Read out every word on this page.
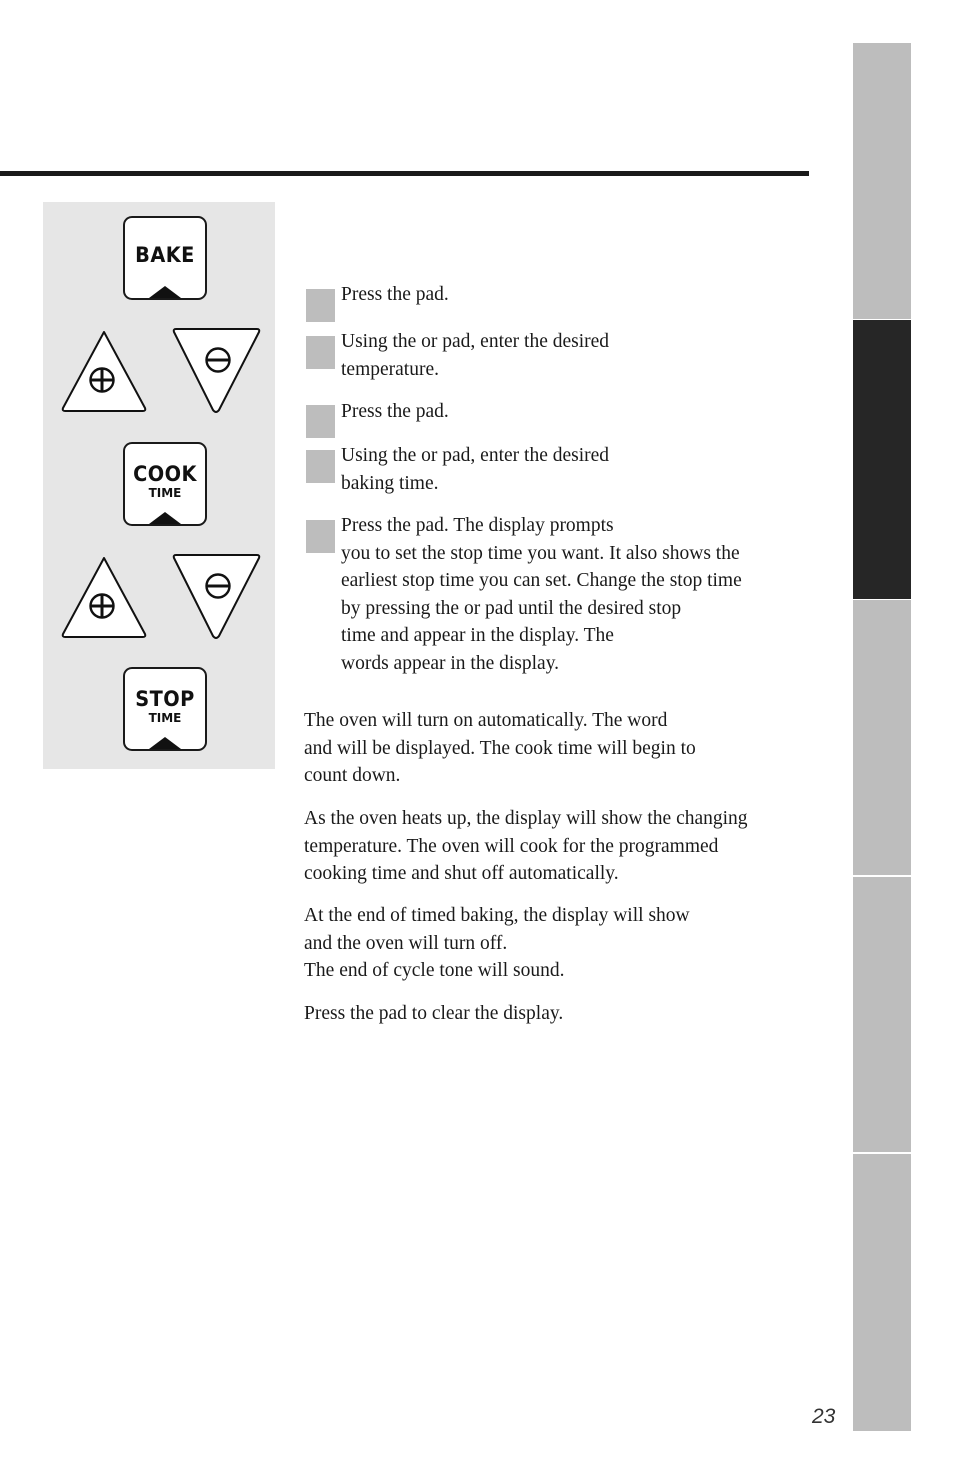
BAKE
COOK
TIME
STOP
TIME
Press the pad.
Using the or pad, enter the desired
temperature.
Press the pad.
Using the or pad, enter the desired
baking time.
Press the pad. The display prompts
you to set the stop time you want. It also shows the
earliest stop time you can set. Change the stop time
by pressing the or pad until the desired stop
time and appear in the display. The
words appear in the display.
The oven will turn on automatically. The word
and will be displayed. The cook time will begin to
count down.
As the oven heats up, the display will show the changing
temperature. The oven will cook for the programmed
cooking time and shut off automatically.
At the end of timed baking, the display will show
and the oven will turn off.
The end of cycle tone will sound.
Press the pad to clear the display.
23
